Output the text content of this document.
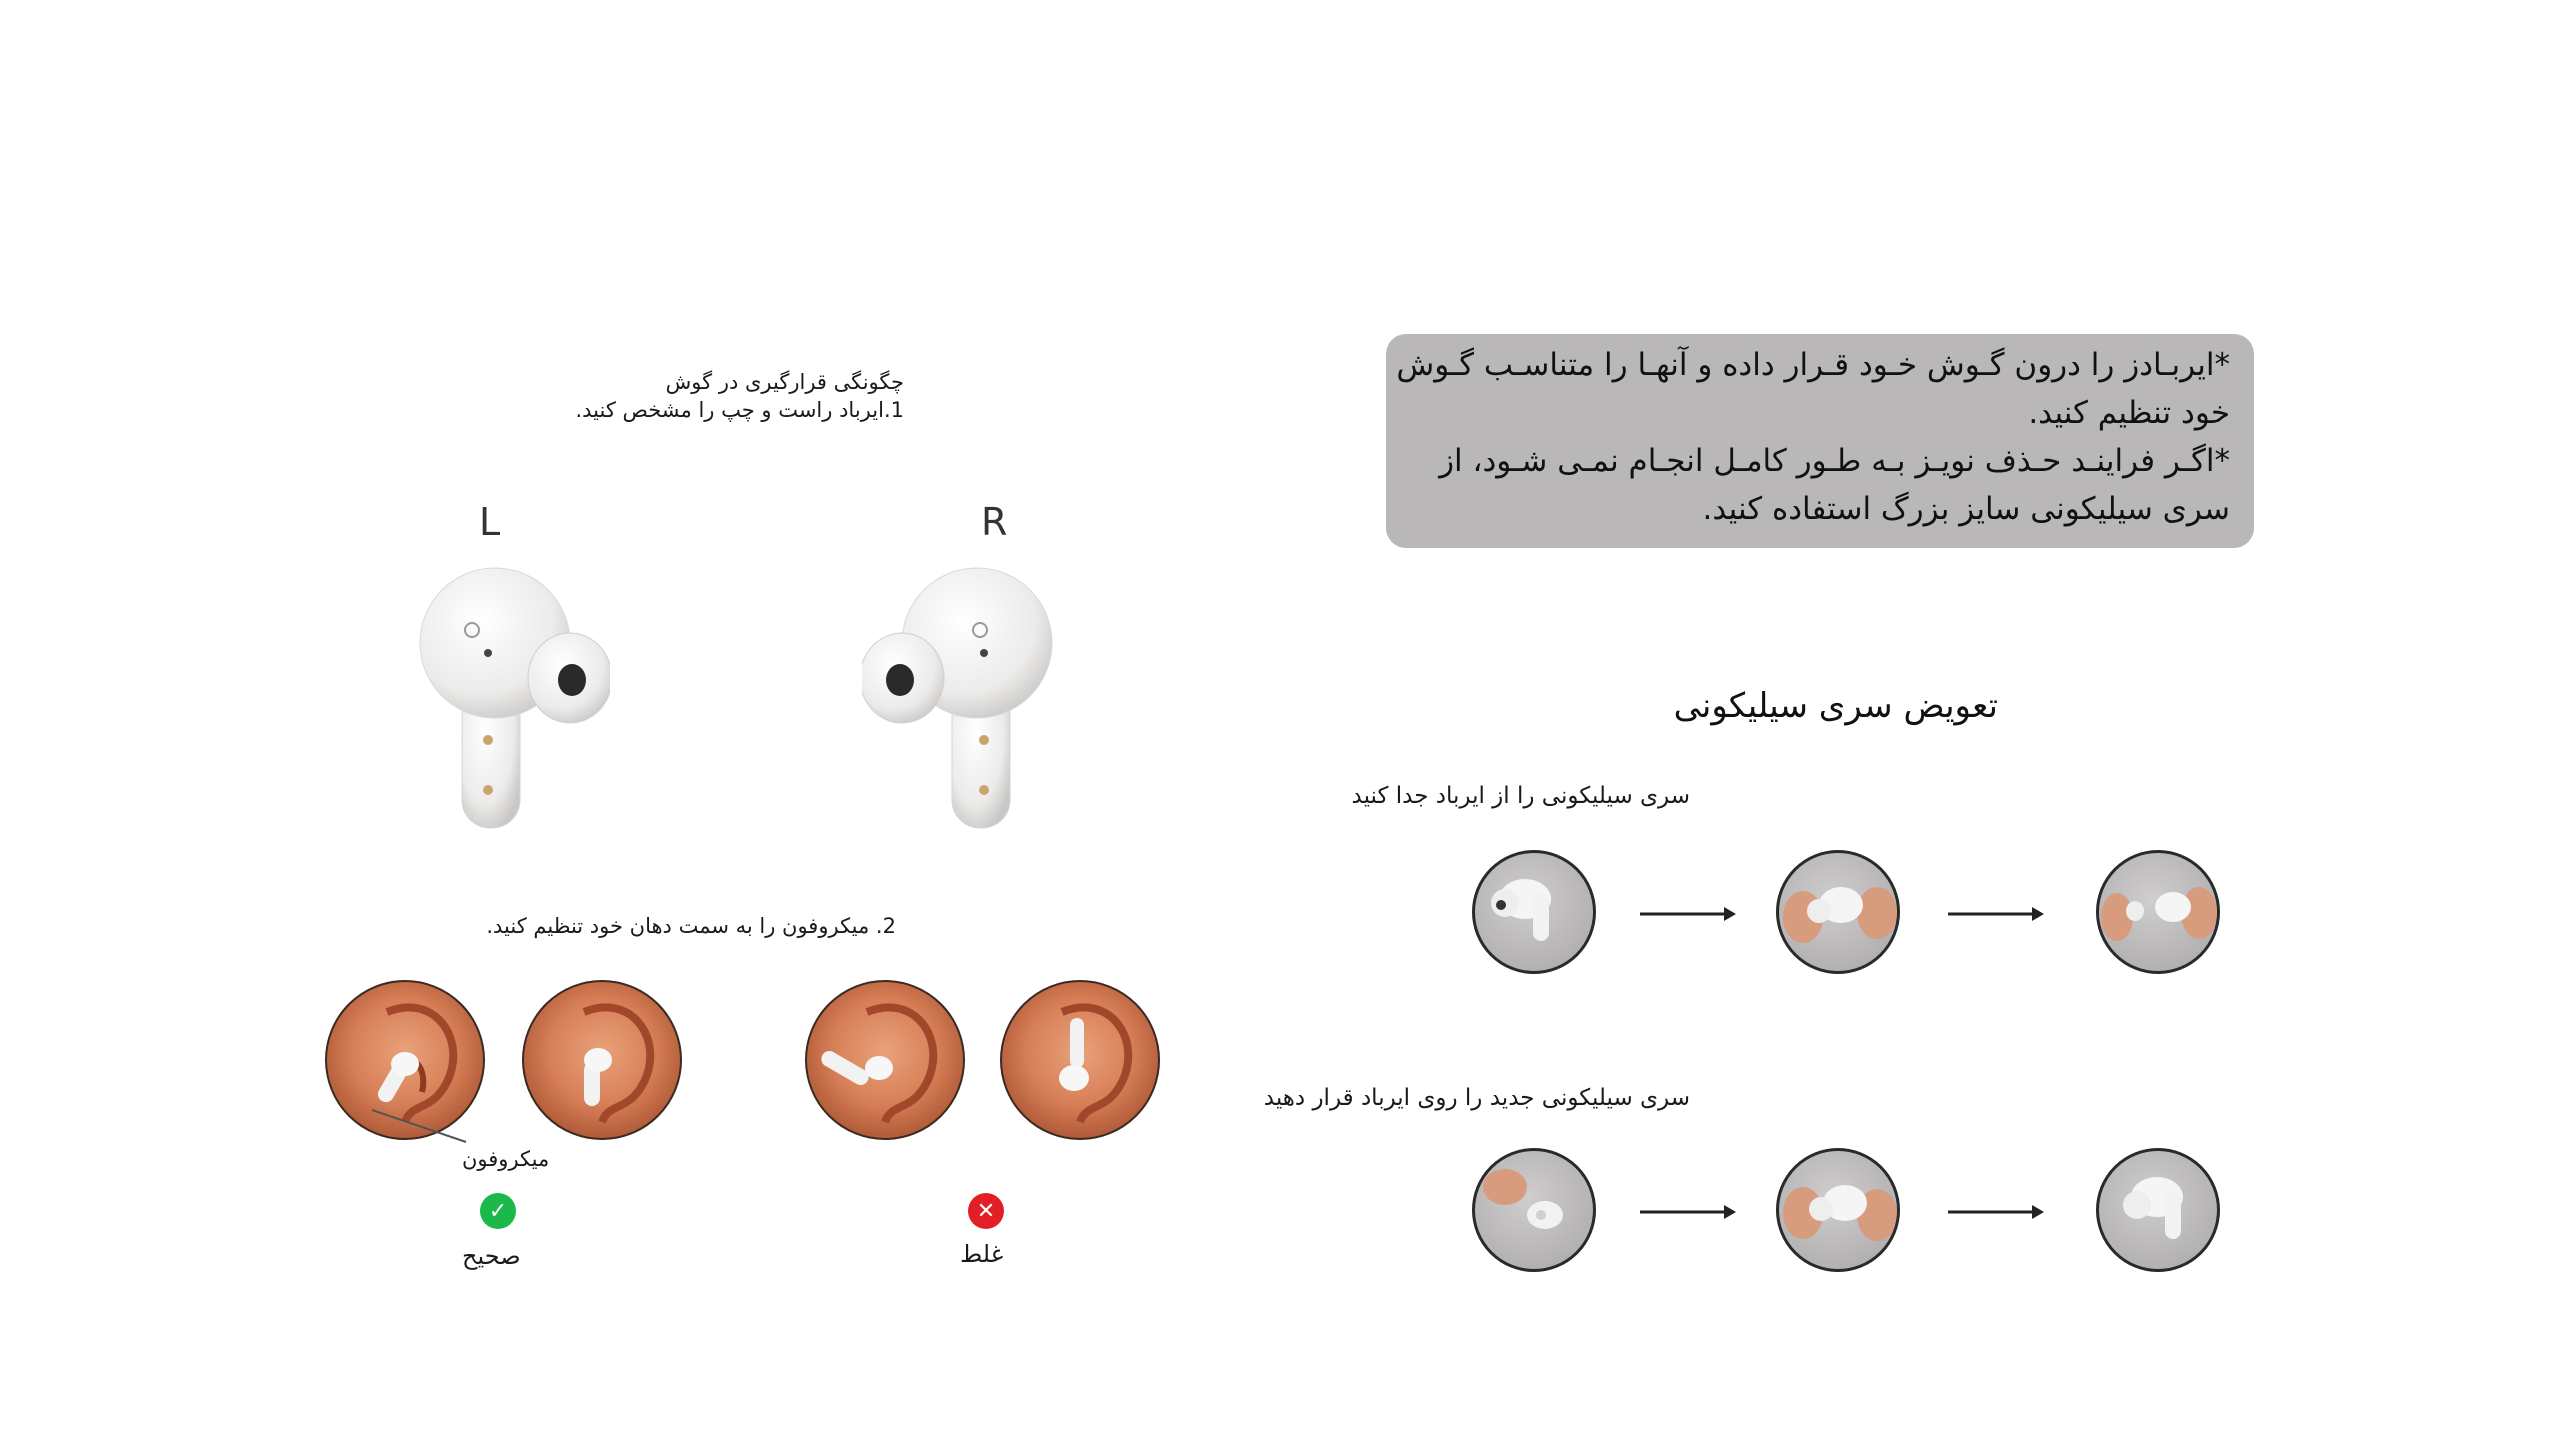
چگونگی قرارگیری در گوش
1.ایرباد راست و چپ را مشخص کنید.
L	R
2. میکروفون را به سمت دهان خود تنظیم کنید.
میکروفون
✓
صحیح
✕
غلط
*ایربـادز را درون گـوش خـود قـرار داده و آنهـا را متناسـب گـوش
خود تنظیم کنید.
*اگـر فراینـد حـذف نویـز بـه طـور کامـل انجـام نمـی شـود، از
سری سیلیکونی سایز بزرگ استفاده کنید.
تعویض سری سیلیکونی
سری سیلیکونی را از ایرباد جدا کنید
سری سیلیکونی جدید را روی ایرباد قرار دهید
